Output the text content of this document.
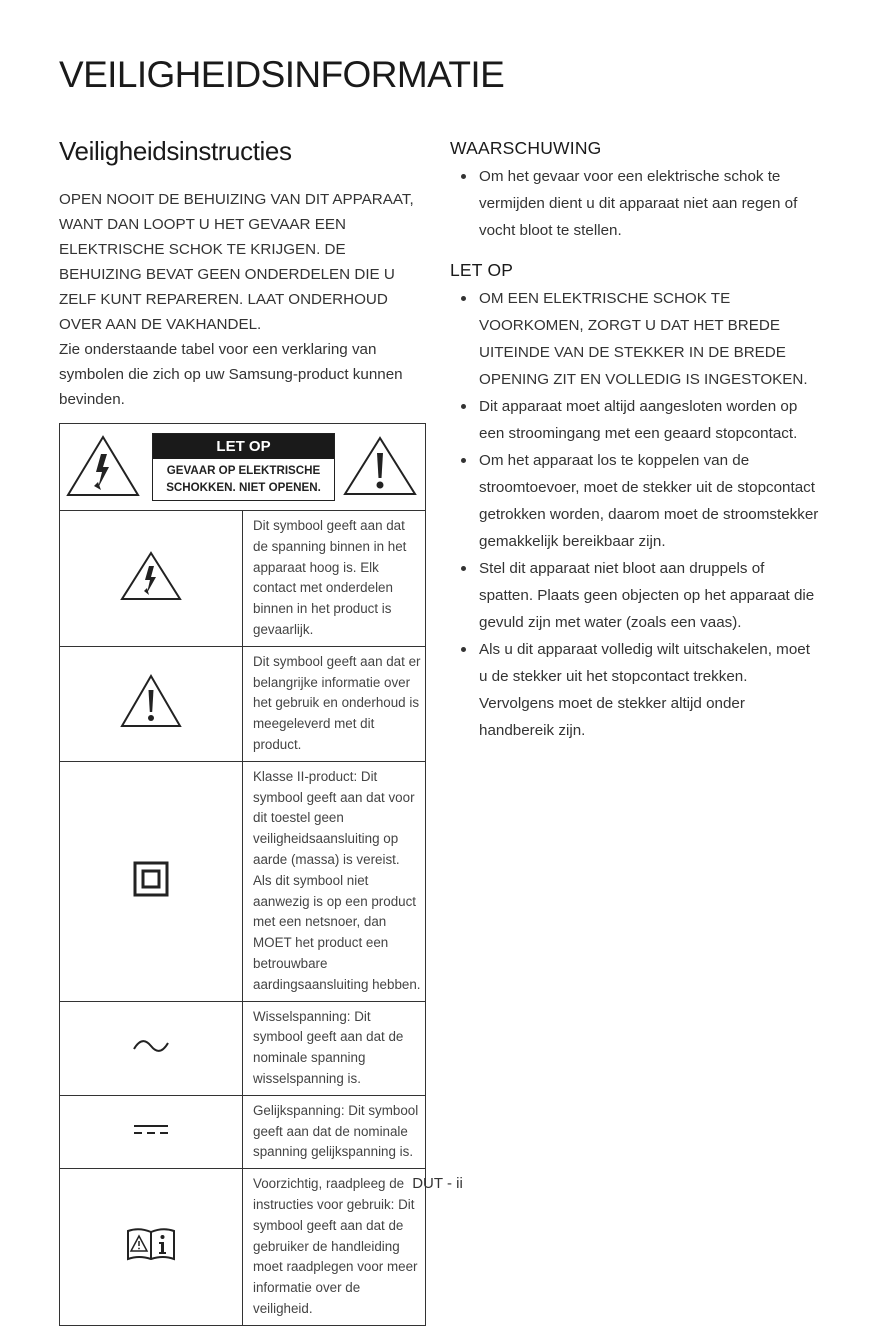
VEILIGHEIDSINFORMATIE
Veiligheidsinstructies
OPEN NOOIT DE BEHUIZING VAN DIT APPARAAT, WANT DAN LOOPT U HET GEVAAR EEN ELEKTRISCHE SCHOK TE KRIJGEN. DE BEHUIZING BEVAT GEEN ONDERDELEN DIE U ZELF KUNT REPAREREN. LAAT ONDERHOUD OVER AAN DE VAKHANDEL.
Zie onderstaande tabel voor een verklaring van symbolen die zich op uw Samsung-product kunnen bevinden.
LET OP
GEVAAR OP ELEKTRISCHE
SCHOKKEN. NIET OPENEN.	

	Dit symbool geeft aan dat de spanning binnen in het apparaat hoog is. Elk contact met onderdelen binnen in het product is gevaarlijk.
	Dit symbool geeft aan dat er belangrijke informatie over het gebruik en onderhoud is meegeleverd met dit product.
	Klasse II-product: Dit symbool geeft aan dat voor dit toestel geen veiligheidsaansluiting op aarde (massa) is vereist. Als dit symbool niet aanwezig is op een product met een netsnoer, dan MOET het product een betrouwbare aardingsaansluiting hebben.
	Wisselspanning: Dit symbool geeft aan dat de nominale spanning wisselspanning is.
	Gelijkspanning: Dit symbool geeft aan dat de nominale spanning gelijkspanning is.
	Voorzichtig, raadpleeg de instructies voor gebruik: Dit symbool geeft aan dat de gebruiker de handleiding moet raadplegen voor meer informatie over de veiligheid.
WAARSCHUWING
Om het gevaar voor een elektrische schok te vermijden dient u dit apparaat niet aan regen of vocht bloot te stellen.
LET OP
OM EEN ELEKTRISCHE SCHOK TE VOORKOMEN, ZORGT U DAT HET BREDE UITEINDE VAN DE STEKKER IN DE BREDE OPENING ZIT EN VOLLEDIG IS INGESTOKEN.
Dit apparaat moet altijd aangesloten worden op een stroomingang met een geaard stopcontact.
Om het apparaat los te koppelen van de stroomtoevoer, moet de stekker uit de stopcontact getrokken worden, daarom moet de stroomstekker gemakkelijk bereikbaar zijn.
Stel dit apparaat niet bloot aan druppels of spatten. Plaats geen objecten op het apparaat die gevuld zijn met water (zoals een vaas).
Als u dit apparaat volledig wilt uitschakelen, moet u de stekker uit het stopcontact trekken. Vervolgens moet de stekker altijd onder handbereik zijn.
DUT - ii
